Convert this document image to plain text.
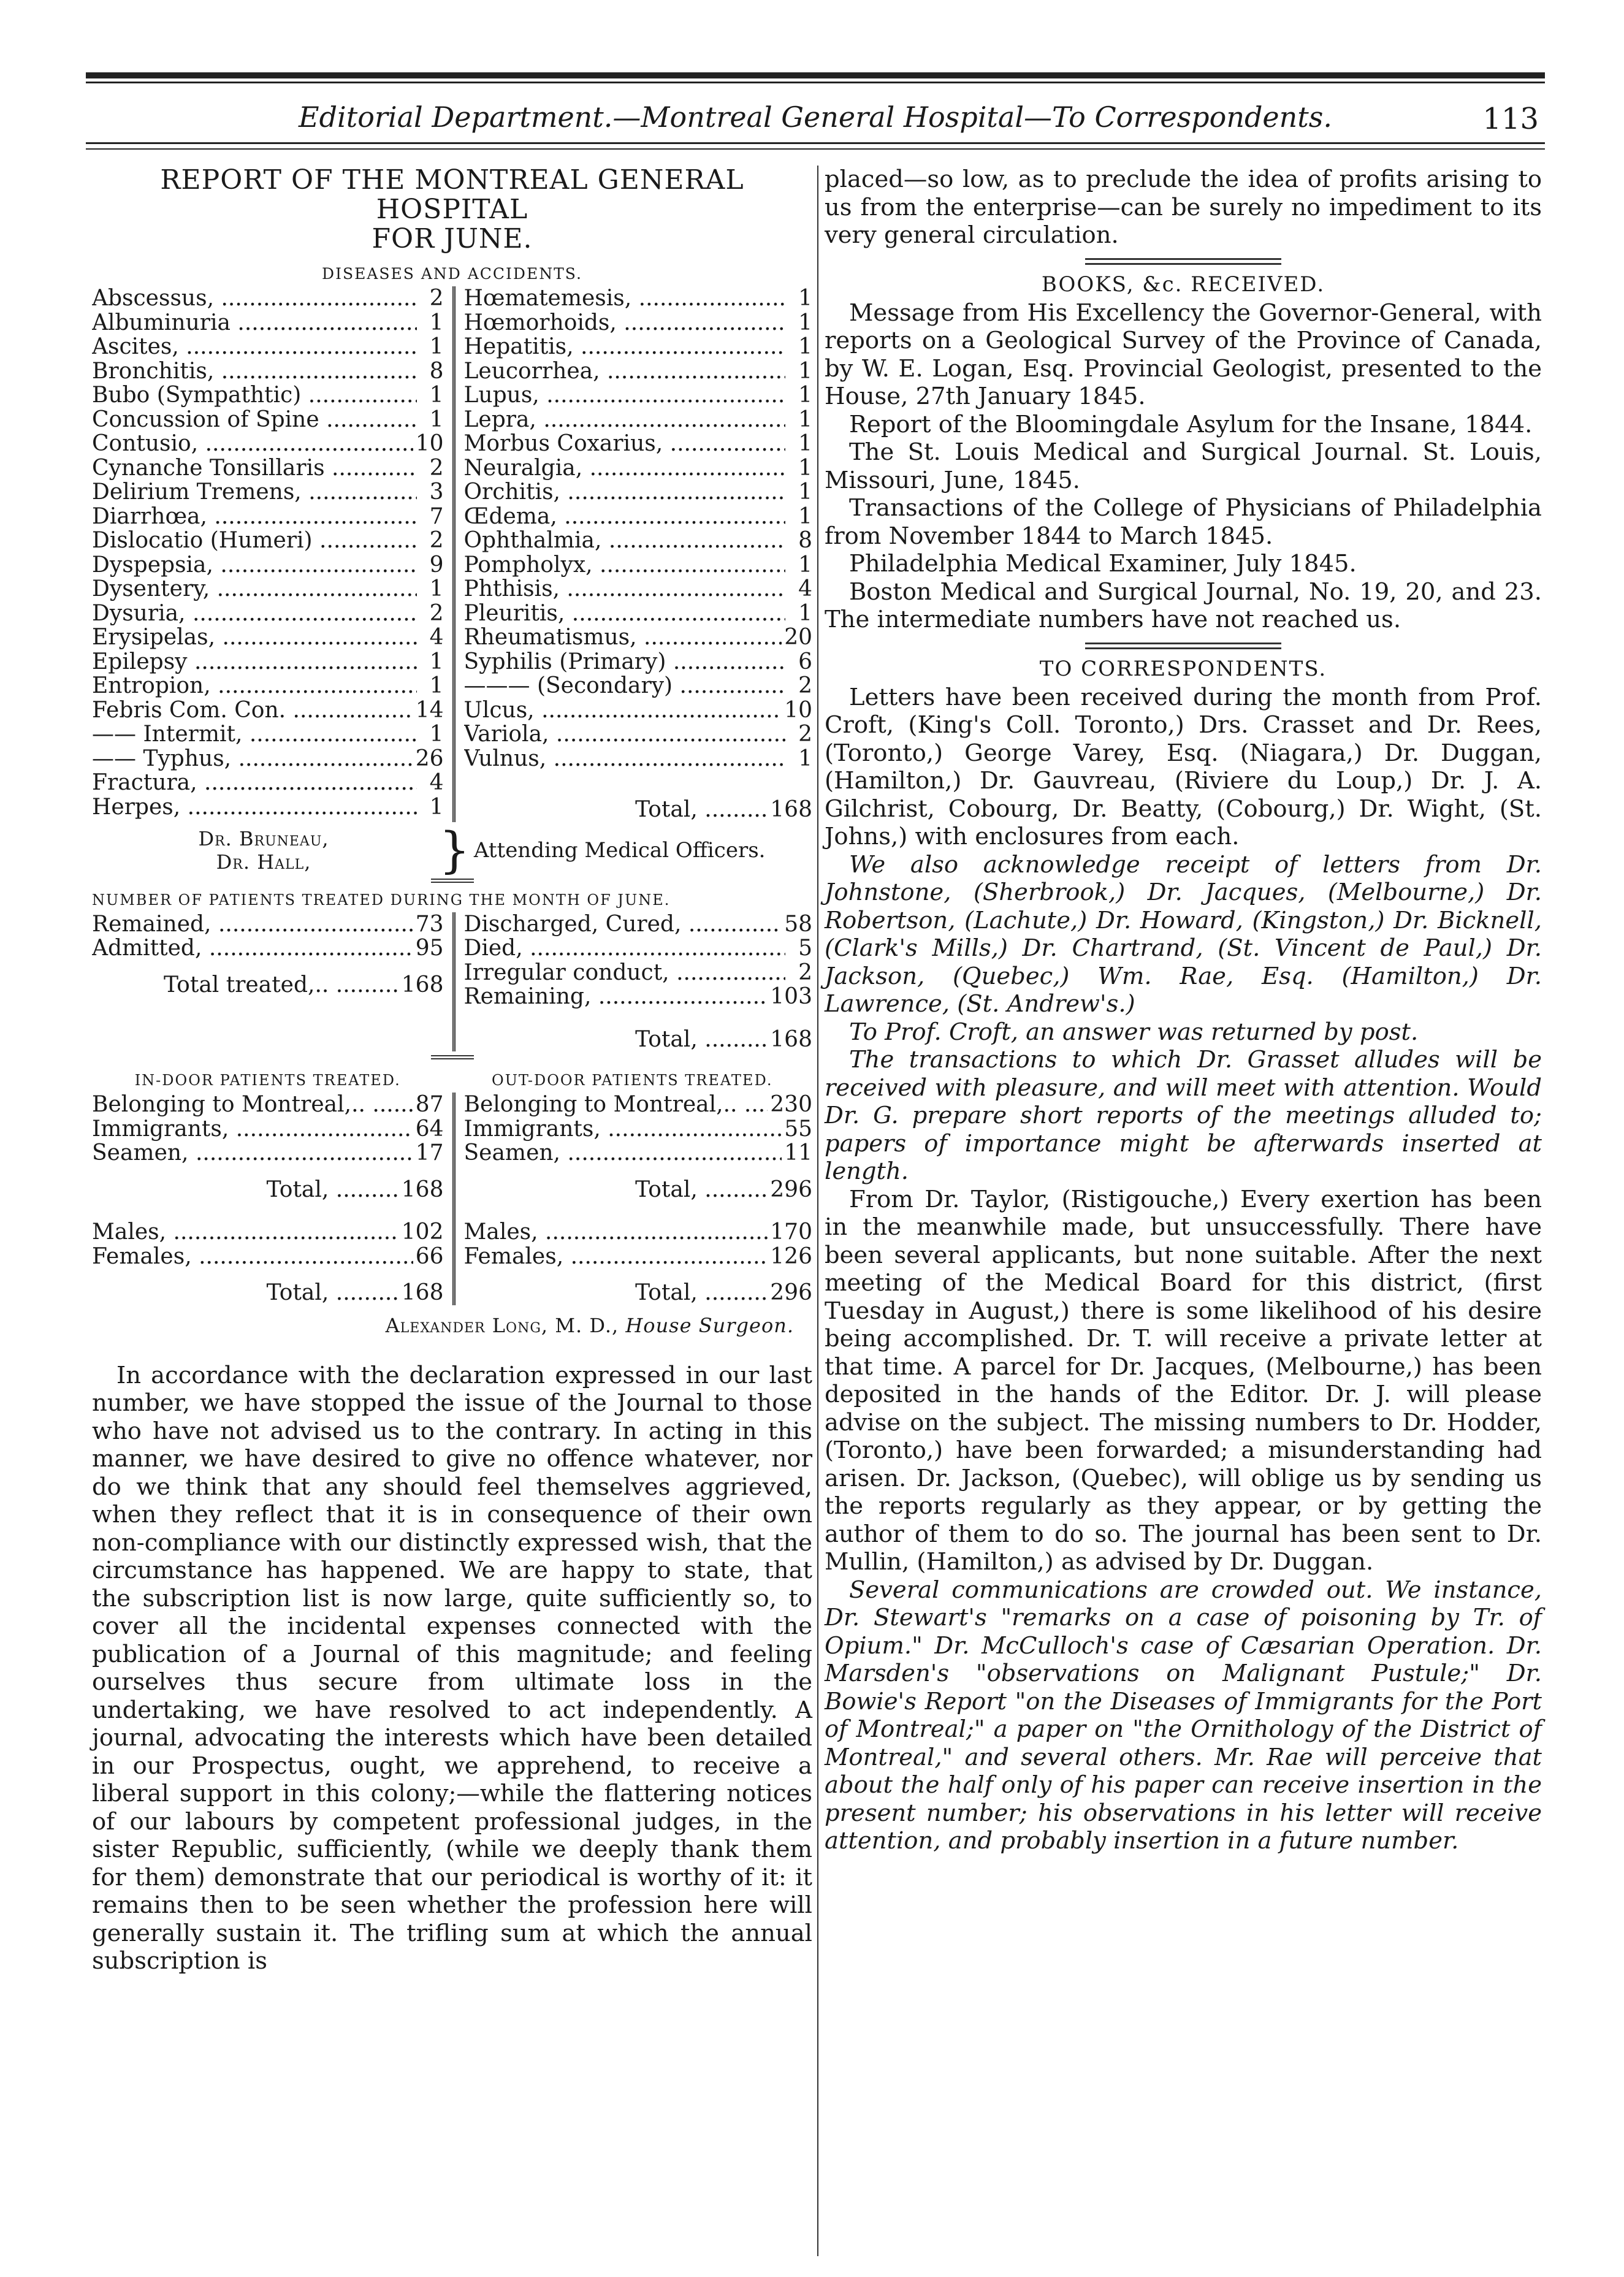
Editorial Department.—Montreal General Hospital—To Correspondents.	113
REPORT OF THE MONTREAL GENERAL HOSPITAL
FOR JUNE.
DISEASES AND ACCIDENTS.
Abscessus, .....	2
Albuminuria .....	1
Ascites, .....	1
Bronchitis, .....	8
Bubo (Sympathtic) .....	1
Concussion of Spine .....	1
Contusio, .....	10
Cynanche Tonsillaris .....	2
Delirium Tremens, .....	3
Diarrhœa, .....	7
Dislocatio (Humeri) .....	2
Dyspepsia, .....	9
Dysentery, .....	1
Dysuria, .....	2
Erysipelas, .....	4
Epilepsy .....	1
Entropion, .....	1
Febris Com. Con. .....	14
—— Intermit, .....	1
—— Typhus, .....	26
Fractura, .....	4
Herpes, .....	1
Hœmatemesis, .....	1
Hœmorhoids, .....	1
Hepatitis, .....	1
Leucorrhea, .....	1
Lupus, .....	1
Lepra, .....	1
Morbus Coxarius, .....	1
Neuralgia, .....	1
Orchitis, .....	1
Œdema, .....	1
Ophthalmia, .....	8
Pompholyx, .....	1
Phthisis, .....	4
Pleuritis, .....	1
Rheumatismus, .....	20
Syphilis (Primary) .....	6
——— (Secondary) .....	2
Ulcus, .....	10
Variola, .....	2
Vulnus, .....	1
Total, .....	168
Dr. Bruneau,
Dr. Hall,	} Attending Medical Officers.
NUMBER OF PATIENTS TREATED DURING THE MONTH OF JUNE.
Remained, .....	73
Admitted, .....	95
Total treated,.. .....	168
Discharged, Cured, .....	58
Died, .....	5
Irregular conduct, .....	2
Remaining, .....	103
Total, .....	168
IN-DOOR PATIENTS TREATED.	OUT-DOOR PATIENTS TREATED.
Belonging to Montreal,.. .....	87
Immigrants, .....	64
Seamen, .....	17
Total, .....	168
Males, .....	102
Females, .....	66
Total, .....	168
Belonging to Montreal,.. .....	230
Immigrants, .....	55
Seamen, .....	11
Total, .....	296
Males, .....	170
Females, .....	126
Total, .....	296
Alexander Long, M. D., House Surgeon.

In accordance with the declaration expressed in our last number, we have stopped the issue of the Journal to those who have not advised us to the contrary. In acting in this manner, we have desired to give no offence whatever, nor do we think that any should feel themselves aggrieved, when they reflect that it is in consequence of their own non-compliance with our distinctly expressed wish, that the circumstance has happened. We are happy to state, that the subscription list is now large, quite sufficiently so, to cover all the incidental expenses connected with the publication of a Journal of this magnitude; and feeling ourselves thus secure from ultimate loss in the undertaking, we have resolved to act independently. A journal, advocating the interests which have been detailed in our Prospectus, ought, we apprehend, to receive a liberal support in this colony;—while the flattering notices of our labours by competent professional judges, in the sister Republic, sufficiently, (while we deeply thank them for them) demonstrate that our periodical is worthy of it: it remains then to be seen whether the profession here will generally sustain it. The trifling sum at which the annual subscription is

placed—so low, as to preclude the idea of profits arising to us from the enterprise—can be surely no impediment to its very general circulation.

BOOKS, &c. RECEIVED.

Message from His Excellency the Governor-General, with reports on a Geological Survey of the Province of Canada, by W. E. Logan, Esq. Provincial Geologist, presented to the House, 27th January 1845.

Report of the Bloomingdale Asylum for the Insane, 1844.

The St. Louis Medical and Surgical Journal. St. Louis, Missouri, June, 1845.

Transactions of the College of Physicians of Philadelphia from November 1844 to March 1845.

Philadelphia Medical Examiner, July 1845.

Boston Medical and Surgical Journal, No. 19, 20, and 23. The intermediate numbers have not reached us.

TO CORRESPONDENTS.

Letters have been received during the month from Prof. Croft, (King's Coll. Toronto,) Drs. Crasset and Dr. Rees, (Toronto,) George Varey, Esq. (Niagara,) Dr. Duggan, (Hamilton,) Dr. Gauvreau, (Riviere du Loup,) Dr. J. A. Gilchrist, Cobourg, Dr. Beatty, (Cobourg,) Dr. Wight, (St. Johns,) with enclosures from each.

We also acknowledge receipt of letters from Dr. Johnstone, (Sherbrook,) Dr. Jacques, (Melbourne,) Dr. Robertson, (Lachute,) Dr. Howard, (Kingston,) Dr. Bicknell, (Clark's Mills,) Dr. Chartrand, (St. Vincent de Paul,) Dr. Jackson, (Quebec,) Wm. Rae, Esq. (Hamilton,) Dr. Lawrence, (St. Andrew's.)

To Prof. Croft, an answer was returned by post.

The transactions to which Dr. Grasset alludes will be received with pleasure, and will meet with attention. Would Dr. G. prepare short reports of the meetings alluded to; papers of importance might be afterwards inserted at length.

From Dr. Taylor, (Ristigouche,) Every exertion has been in the meanwhile made, but unsuccessfully. There have been several applicants, but none suitable. After the next meeting of the Medical Board for this district, (first Tuesday in August,) there is some likelihood of his desire being accomplished. Dr. T. will receive a private letter at that time. A parcel for Dr. Jacques, (Melbourne,) has been deposited in the hands of the Editor. Dr. J. will please advise on the subject. The missing numbers to Dr. Hodder, (Toronto,) have been forwarded; a misunderstanding had arisen. Dr. Jackson, (Quebec), will oblige us by sending us the reports regularly as they appear, or by getting the author of them to do so. The journal has been sent to Dr. Mullin, (Hamilton,) as advised by Dr. Duggan.

Several communications are crowded out. We instance, Dr. Stewart's "remarks on a case of poisoning by Tr. of Opium." Dr. McCulloch's case of Cæsarian Operation. Dr. Marsden's "observations on Malignant Pustule;" Dr. Bowie's Report "on the Diseases of Immigrants for the Port of Montreal;" a paper on "the Ornithology of the District of Montreal," and several others. Mr. Rae will perceive that about the half only of his paper can receive insertion in the present number; his observations in his letter will receive attention, and probably insertion in a future number.
